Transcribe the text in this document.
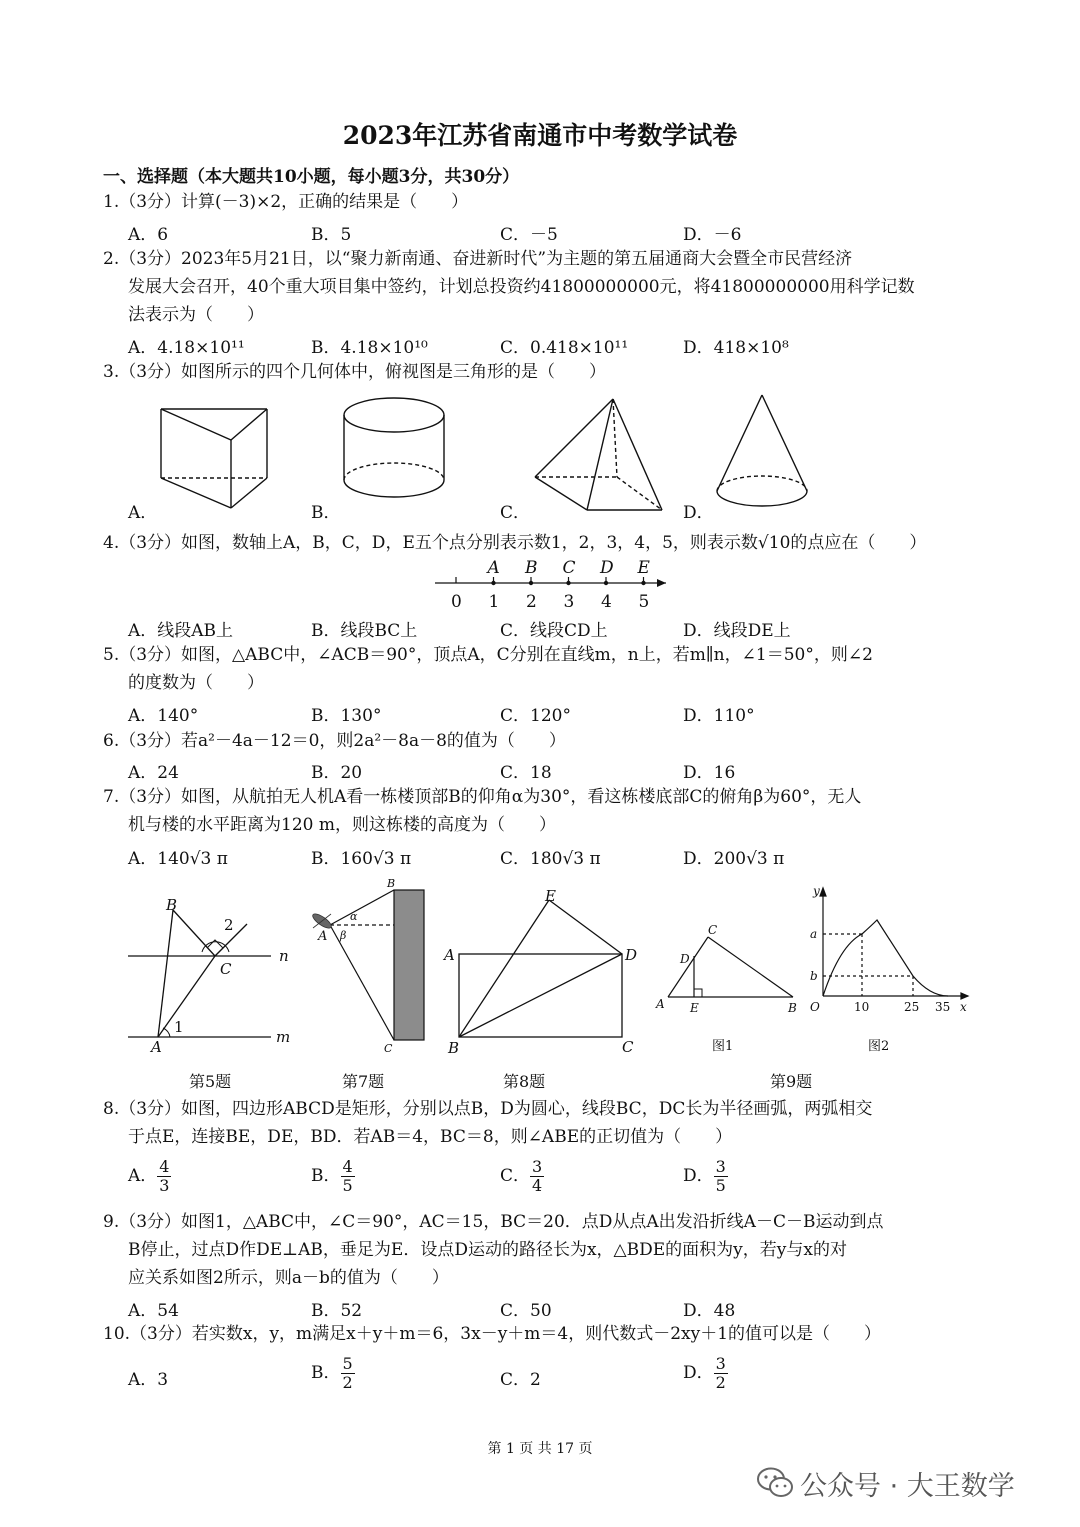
2023年江苏省南通市中考数学试卷
一、选择题（本大题共10小题，每小题3分，共30分）
1.（3分）计算(－3)×2，正确的结果是（　　）
A．6	B．5	C．－5	D．－6
2.（3分）2023年5月21日，以“聚力新南通、奋进新时代”为主题的第五届通商大会暨全市民营经济
发展大会召开，40个重大项目集中签约，计划总投资约41800000000元，将41800000000用科学记数
法表示为（　　）
A．4.18×10¹¹	B．4.18×10¹⁰	C．0.418×10¹¹	D．418×10⁸
3.（3分）如图所示的四个几何体中，俯视图是三角形的是（　　）
A．	B．	C．	D．
4.（3分）如图，数轴上A，B，C，D，E五个点分别表示数1，2，3，4，5，则表示数√10的点应在（　　）
0 1 2 3 4 5
A B C D E
A．线段AB上	B．线段BC上	C．线段CD上	D．线段DE上
5.（3分）如图，△ABC中，∠ACB＝90°，顶点A，C分别在直线m，n上，若m∥n，∠1＝50°，则∠2
的度数为（　　）
A．140°	B．130°	C．120°	D．110°
6.（3分）若a²－4a－12＝0，则2a²－8a－8的值为（　　）
A．24	B．20	C．18	D．16
7.（3分）如图，从航拍无人机A看一栋楼顶部B的仰角α为30°，看这栋楼底部C的俯角β为60°，无人
机与楼的水平距离为120 m，则这栋楼的高度为（　　）
A．140√3 π	B．160√3 π	C．180√3 π	D．200√3 π
B
2
C
n
1
A
m
B
α
A β
C
E
A	D
B	C
C
D
A E	B
图1
y
a
b
O	10	25 35 x
图2
第5题	第7题	第8题	第9题
8.（3分）如图，四边形ABCD是矩形，分别以点B，D为圆心，线段BC，DC长为半径画弧，两弧相交
于点E，连接BE，DE，BD．若AB＝4，BC＝8，则∠ABE的正切值为（　　）
A． $\frac{4}{3}$	B． $\frac{4}{5}$	C． $\frac{3}{4}$	D． $\frac{3}{5}$
9.（3分）如图1，△ABC中，∠C＝90°，AC＝15，BC＝20．点D从点A出发沿折线A－C－B运动到点
B停止，过点D作DE⊥AB，垂足为E．设点D运动的路径长为x，△BDE的面积为y，若y与x的对
应关系如图2所示，则a－b的值为（　　）
A．54	B．52	C．50	D．48
10.（3分）若实数x，y，m满足x＋y＋m＝6，3x－y＋m＝4，则代数式－2xy＋1的值可以是（　　）
A．3	B． $\frac{5}{2}$	C．2	D． $\frac{3}{2}$
第 1 页 共 17 页
公众号 · 大王数学
